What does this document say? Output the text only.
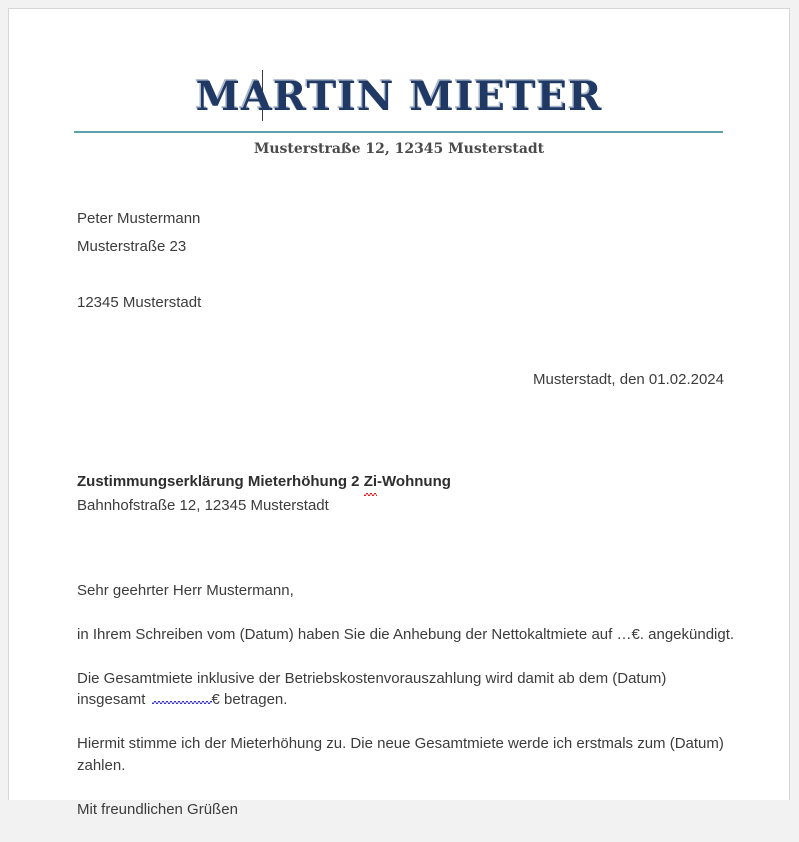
MARTIN MIETER
Musterstraße 12, 12345 Musterstadt
Peter Mustermann
Musterstraße 23
12345 Musterstadt
Musterstadt, den 01.02.2024
Zustimmungserklärung Mieterhöhung 2 Zi-Wohnung
Bahnhofstraße 12, 12345 Musterstadt

Sehr geehrter Herr Mustermann,

in Ihrem Schreiben vom (Datum) haben Sie die Anhebung der Nettokaltmiete auf …€. angekündigt.

Die Gesamtmiete inklusive der Betriebskostenvorauszahlung wird damit ab dem (Datum) insgesamt	€ betragen.

Hiermit stimme ich der Mieterhöhung zu. Die neue Gesamtmiete werde ich erstmals zum (Datum) zahlen.

Mit freundlichen Grüßen
